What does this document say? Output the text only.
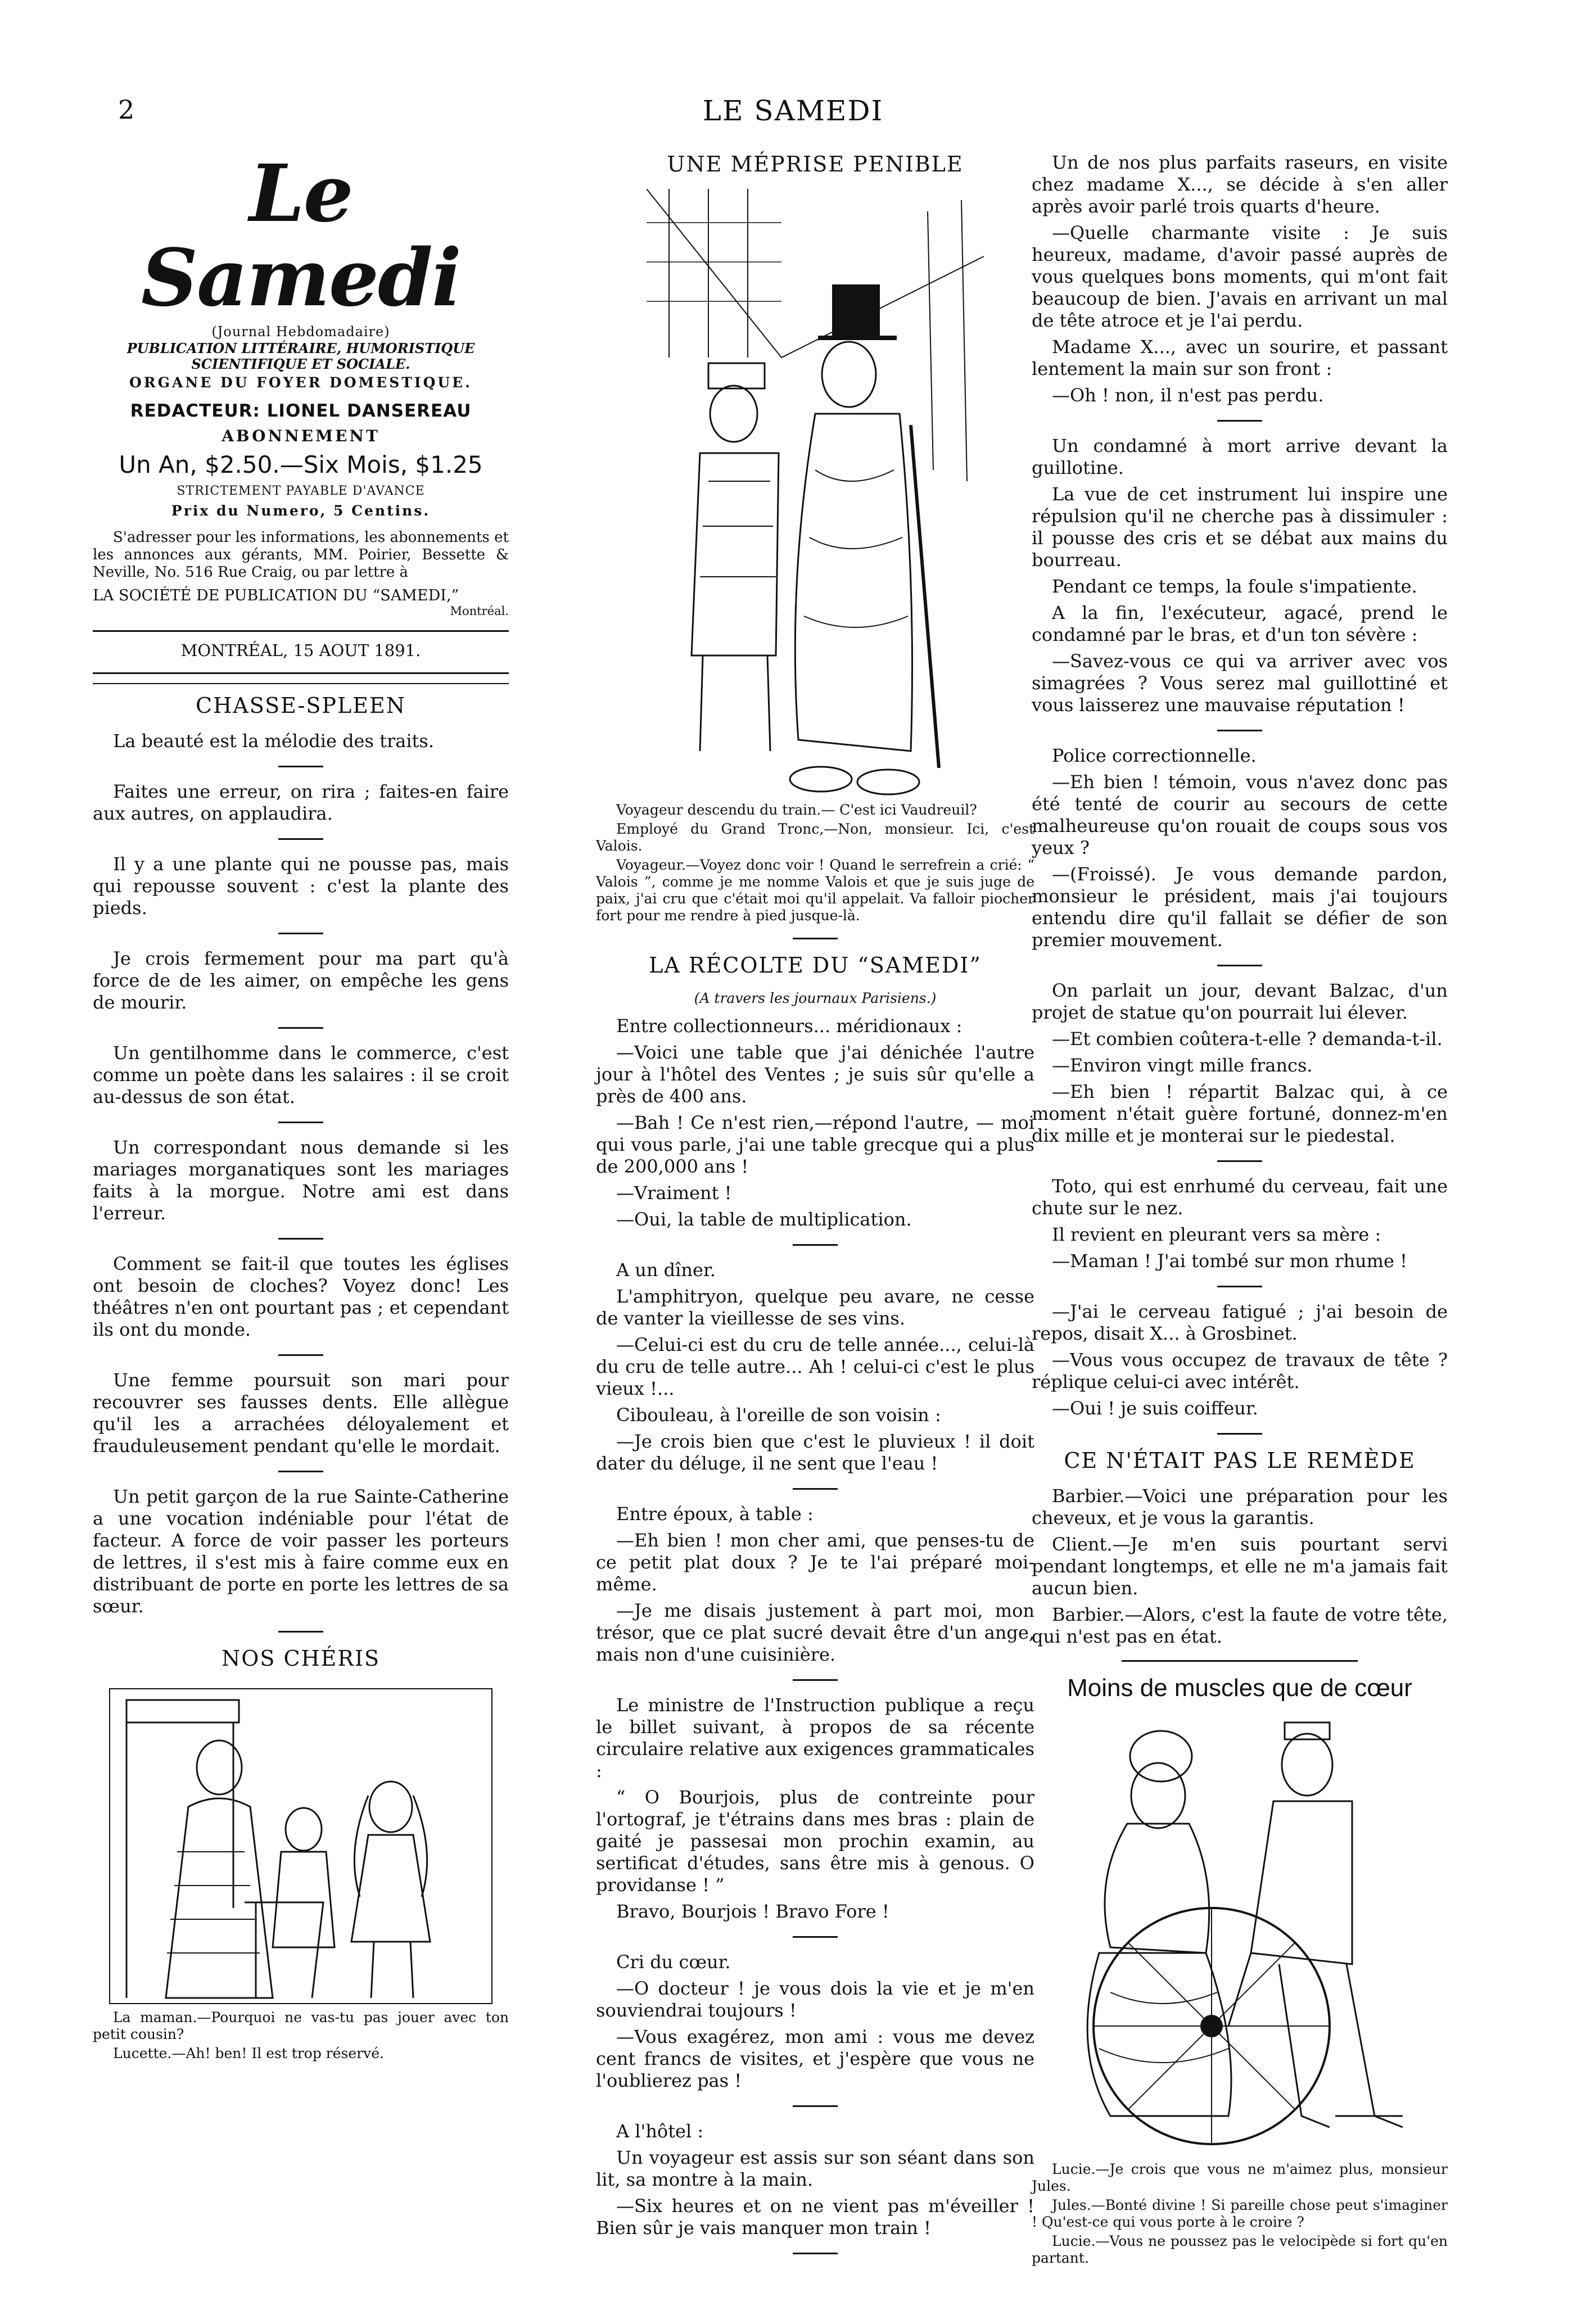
2	LE SAMEDI
Le Samedi
(Journal Hebdomadaire)
PUBLICATION LITTÉRAIRE, HUMORISTIQUE
SCIENTIFIQUE ET SOCIALE.
ORGANE DU FOYER DOMESTIQUE.
REDACTEUR: LIONEL DANSEREAU
ABONNEMENT
Un An, $2.50.—Six Mois, $1.25
STRICTEMENT PAYABLE D'AVANCE
Prix du Numero, 5 Centins.

S'adresser pour les informations, les abonnements et les annonces aux gérants, MM. Poirier, Bessette & Neville, No. 516 Rue Craig, ou par lettre à

LA SOCIÉTÉ DE PUBLICATION DU “SAMEDI,”
Montréal.
MONTRÉAL, 15 AOUT 1891.
CHASSE-SPLEEN

La beauté est la mélodie des traits.

Faites une erreur, on rira ; faites-en faire aux autres, on applaudira.

Il y a une plante qui ne pousse pas, mais qui repousse souvent : c'est la plante des pieds.

Je crois fermement pour ma part qu'à force de de les aimer, on empêche les gens de mourir.

Un gentilhomme dans le commerce, c'est comme un poète dans les salaires : il se croit au-dessus de son état.

Un correspondant nous demande si les mariages morganatiques sont les mariages faits à la morgue. Notre ami est dans l'erreur.

Comment se fait-il que toutes les églises ont besoin de cloches? Voyez donc! Les théâtres n'en ont pourtant pas ; et cependant ils ont du monde.

Une femme poursuit son mari pour recouvrer ses fausses dents. Elle allègue qu'il les a arrachées déloyalement et frauduleusement pendant qu'elle le mordait.

Un petit garçon de la rue Sainte-Catherine a une vocation indéniable pour l'état de facteur. A force de voir passer les porteurs de lettres, il s'est mis à faire comme eux en distribuant de porte en porte les lettres de sa sœur.

NOS CHÉRIS

La maman.—Pourquoi ne vas-tu pas jouer avec ton petit cousin?

Lucette.—Ah! ben! Il est trop réservé.

UNE MÉPRISE PENIBLE

Voyageur descendu du train.— C'est ici Vaudreuil?

Employé du Grand Tronc,—Non, monsieur. Ici, c'est Valois.

Voyageur.—Voyez donc voir ! Quand le serrefrein a crié: “ Valois ”, comme je me nomme Valois et que je suis juge de paix, j'ai cru que c'était moi qu'il appelait. Va falloir piocher fort pour me rendre à pied jusque-là.

LA RÉCOLTE DU “SAMEDI”
(A travers les journaux Parisiens.)

Entre collectionneurs... méridionaux :

—Voici une table que j'ai dénichée l'autre jour à l'hôtel des Ventes ; je suis sûr qu'elle a près de 400 ans.

—Bah ! Ce n'est rien,—répond l'autre, — moi qui vous parle, j'ai une table grecque qui a plus de 200,000 ans !

—Vraiment !

—Oui, la table de multiplication.

A un dîner.

L'amphitryon, quelque peu avare, ne cesse de vanter la vieillesse de ses vins.

—Celui-ci est du cru de telle année..., celui-là du cru de telle autre... Ah ! celui-ci c'est le plus vieux !...

Cibouleau, à l'oreille de son voisin :

—Je crois bien que c'est le pluvieux ! il doit dater du déluge, il ne sent que l'eau !

Entre époux, à table :

—Eh bien ! mon cher ami, que penses-tu de ce petit plat doux ? Je te l'ai préparé moi-même.

—Je me disais justement à part moi, mon trésor, que ce plat sucré devait être d'un ange, mais non d'une cuisinière.

Le ministre de l'Instruction publique a reçu le billet suivant, à propos de sa récente circulaire relative aux exigences grammaticales :

“ O Bourjois, plus de contreinte pour l'ortograf, je t'étrains dans mes bras : plain de gaité je passesai mon prochin examin, au sertificat d'études, sans être mis à genous. O providanse ! ”

Bravo, Bourjois ! Bravo Fore !

Cri du cœur.

—O docteur ! je vous dois la vie et je m'en souviendrai toujours !

—Vous exagérez, mon ami : vous me devez cent francs de visites, et j'espère que vous ne l'oublierez pas !

A l'hôtel :

Un voyageur est assis sur son séant dans son lit, sa montre à la main.

—Six heures et on ne vient pas m'éveiller ! Bien sûr je vais manquer mon train !

Un de nos plus parfaits raseurs, en visite chez madame X..., se décide à s'en aller après avoir parlé trois quarts d'heure.

—Quelle charmante visite : Je suis heureux, madame, d'avoir passé auprès de vous quelques bons moments, qui m'ont fait beaucoup de bien. J'avais en arrivant un mal de tête atroce et je l'ai perdu.

Madame X..., avec un sourire, et passant lentement la main sur son front :

—Oh ! non, il n'est pas perdu.

Un condamné à mort arrive devant la guillotine.

La vue de cet instrument lui inspire une répulsion qu'il ne cherche pas à dissimuler : il pousse des cris et se débat aux mains du bourreau.

Pendant ce temps, la foule s'impatiente.

A la fin, l'exécuteur, agacé, prend le condamné par le bras, et d'un ton sévère :

—Savez-vous ce qui va arriver avec vos simagrées ? Vous serez mal guillottiné et vous laisserez une mauvaise réputation !

Police correctionnelle.

—Eh bien ! témoin, vous n'avez donc pas été tenté de courir au secours de cette malheureuse qu'on rouait de coups sous vos yeux ?

—(Froissé). Je vous demande pardon, monsieur le président, mais j'ai toujours entendu dire qu'il fallait se défier de son premier mouvement.

On parlait un jour, devant Balzac, d'un projet de statue qu'on pourrait lui élever.

—Et combien coûtera-t-elle ? demanda-t-il.

—Environ vingt mille francs.

—Eh bien ! répartit Balzac qui, à ce moment n'était guère fortuné, donnez-m'en dix mille et je monterai sur le piedestal.

Toto, qui est enrhumé du cerveau, fait une chute sur le nez.

Il revient en pleurant vers sa mère :

—Maman ! J'ai tombé sur mon rhume !

—J'ai le cerveau fatigué ; j'ai besoin de repos, disait X... à Grosbinet.

—Vous vous occupez de travaux de tête ? réplique celui-ci avec intérêt.

—Oui ! je suis coiffeur.

CE N'ÉTAIT PAS LE REMÈDE

Barbier.—Voici une préparation pour les cheveux, et je vous la garantis.

Client.—Je m'en suis pourtant servi pendant longtemps, et elle ne m'a jamais fait aucun bien.

Barbier.—Alors, c'est la faute de votre tête, qui n'est pas en état.

Moins de muscles que de cœur

Lucie.—Je crois que vous ne m'aimez plus, monsieur Jules.

Jules.—Bonté divine ! Si pareille chose peut s'imaginer ! Qu'est-ce qui vous porte à le croire ?

Lucie.—Vous ne poussez pas le velocipède si fort qu'en partant.
